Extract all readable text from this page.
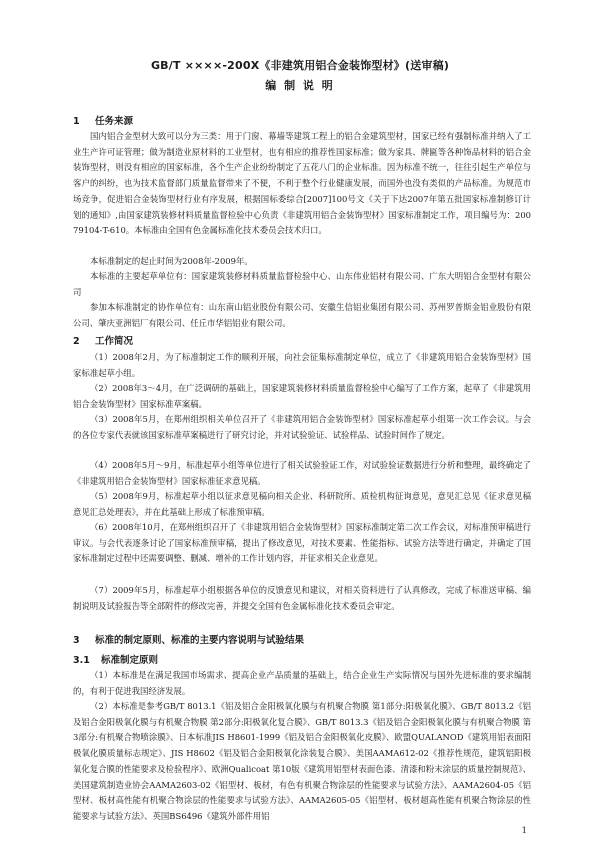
GB/T ××××-200X《非建筑用铝合金装饰型材》(送审稿)
编 制 说 明
1 任务来源
国内铝合金型材大致可以分为三类：用于门窗、幕墙等建筑工程上的铝合金建筑型材，国家已经有强制标准并纳入了工业生产许可证管理；做为制造业原材料的工业型材，也有相应的推荐性国家标准；做为家具、牌匾等各种饰品材料的铝合金装饰型材，则没有相应的国家标准，各个生产企业纷纷制定了五花八门的企业标准。因为标准不统一，往往引起生产单位与客户的纠纷，也为技术监督部门质量监督带来了不便，不利于整个行业健康发展，而国外也没有类似的产品标准。为规范市场竞争，促进铝合金装饰型材行业有序发展，根据国标委综合[2007]100号文《关于下达2007年第五批国家标准制修订计划的通知》,由国家建筑装修材料质量监督检验中心负责《非建筑用铝合金装饰型材》国家标准制定工作，项目编号为：20079104-T-610。本标准由全国有色金属标准化技术委员会技术归口。
本标准制定的起止时间为2008年-2009年。
本标准的主要起草单位有：国家建筑装修材料质量监督检验中心、山东伟业铝材有限公司、广东大明铝合金型材有限公司
参加本标准制定的协作单位有：山东南山铝业股份有限公司、安徽生信铝业集团有限公司、苏州罗普斯金铝业股份有限公司、肇庆亚洲铝厂有限公司、任丘市华铝铝业有限公司。
2 工作简况
（1）2008年2月，为了标准制定工作的顺利开展，向社会征集标准制定单位，成立了《非建筑用铝合金装饰型材》国家标准起草小组。
（2）2008年3～4月，在广泛调研的基础上，国家建筑装修材料质量监督检验中心编写了工作方案，起草了《非建筑用铝合金装饰型材》国家标准草案稿。
（3）2008年5月，在郑州组织相关单位召开了《非建筑用铝合金装饰型材》国家标准起草小组第一次工作会议。与会的各位专家代表就该国家标准草案稿进行了研究讨论，并对试验验证、试验样品、试验时间作了规定。
（4）2008年5月～9月，标准起草小组等单位进行了相关试验验证工作，对试验验证数据进行分析和整理，最终确定了《非建筑用铝合金装饰型材》国家标准征求意见稿。
（5）2008年9月，标准起草小组以征求意见稿向相关企业、科研院所、质检机构征询意见，意见汇总见《征求意见稿意见汇总处理表》，并在此基础上形成了标准预审稿。
（6）2008年10月，在郑州组织召开了《非建筑用铝合金装饰型材》国家标准制定第二次工作会议，对标准预审稿进行审议。与会代表逐条讨论了国家标准预审稿，提出了修改意见，对技术要素、性能指标、试验方法等进行确定，并确定了国家标准制定过程中还需要调整、删减、增补的工作计划内容，并征求相关企业意见。
（7）2009年5月，标准起草小组根据各单位的反馈意见和建议，对相关资料进行了认真修改，完成了标准送审稿、编制说明及试验报告等全部附件的修改完善，并提交全国有色金属标准化技术委员会审定。
3 标准的制定原则、标准的主要内容说明与试验结果
3.1 标准制定原则
（1）本标准是在满足我国市场需求、提高企业产品质量的基础上，结合企业生产实际情况与国外先进标准的要求编制的，有利于促进我国经济发展。
（2）本标准是参考GB/T 8013.1《铝及铝合金阳极氧化膜与有机聚合物膜 第1部分:阳极氧化膜》、GB/T 8013.2《铝及铝合金阳极氧化膜与有机聚合物膜 第2部分:阳极氧化复合膜》、GB/T 8013.3《铝及铝合金阳极氧化膜与有机聚合物膜 第3部分:有机聚合物喷涂膜》、日本标准JIS H8601-1999《铝及铝合金阳极氧化皮膜》、欧盟QUALANOD《建筑用铝表面阳极氧化膜质量标志规定》、JIS H8602《铝及铝合金阳极氧化涂装复合膜》、美国AAMA612-02《推荐性规范，建筑铝阳极氧化复合膜的性能要求及检验程序》、欧洲Qualicoat 第10版《建筑用铝型材表面色漆、清漆和粉末涂层的质量控制规范》、美国建筑制造业协会AAMA2603-02《铝型材、板材，有色有机聚合物涂层的性能要求与试验方法》、AAMA2604-05《铝型材、板材高性能有机聚合物涂层的性能要求与试验方法》、AAMA2605-05《铝型材、板材超高性能有机聚合物涂层的性能要求与试验方法》、英国BS6496《建筑外部件用铝
1
